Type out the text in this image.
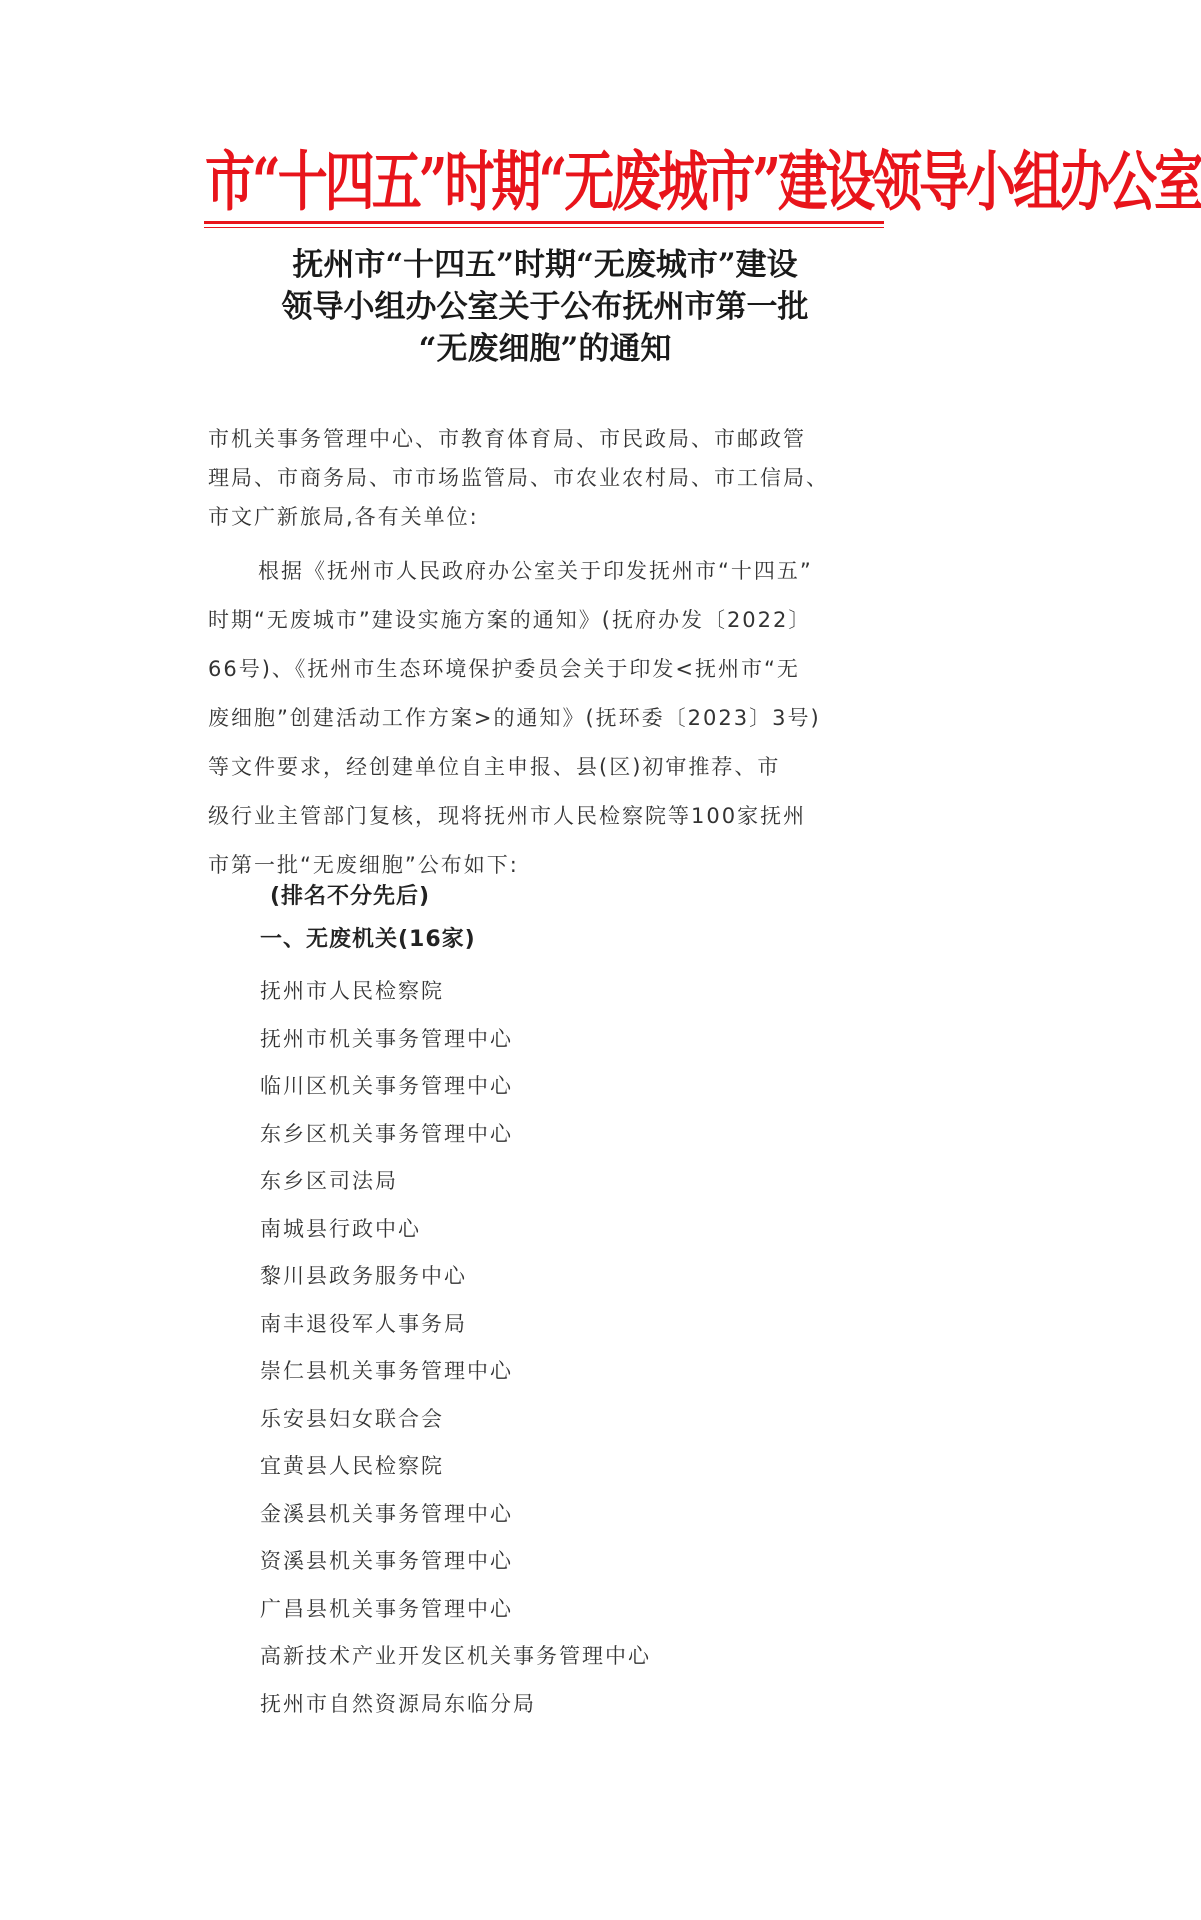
市“十四五”时期“无废城市”建设领导小组办公室
抚州市“十四五”时期“无废城市”建设
领导小组办公室关于公布抚州市第一批
“无废细胞”的通知
市机关事务管理中心、市教育体育局、市民政局、市邮政管
理局、市商务局、市市场监管局、市农业农村局、市工信局、
市文广新旅局,各有关单位:
根据《抚州市人民政府办公室关于印发抚州市“十四五”
时期“无废城市”建设实施方案的通知》(抚府办发〔2022〕
66号)、《抚州市生态环境保护委员会关于印发<抚州市“无
废细胞”创建活动工作方案>的通知》(抚环委〔2023〕3号)
等文件要求，经创建单位自主申报、县(区)初审推荐、市
级行业主管部门复核，现将抚州市人民检察院等100家抚州
市第一批“无废细胞”公布如下:
(排名不分先后)
一、无废机关(16家)
抚州市人民检察院
抚州市机关事务管理中心
临川区机关事务管理中心
东乡区机关事务管理中心
东乡区司法局
南城县行政中心
黎川县政务服务中心
南丰退役军人事务局
崇仁县机关事务管理中心
乐安县妇女联合会
宜黄县人民检察院
金溪县机关事务管理中心
资溪县机关事务管理中心
广昌县机关事务管理中心
高新技术产业开发区机关事务管理中心
抚州市自然资源局东临分局
